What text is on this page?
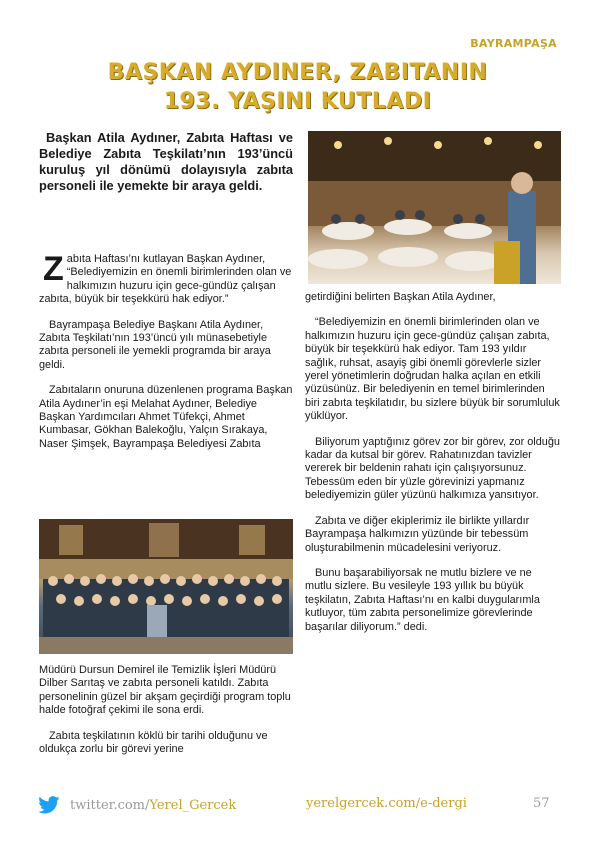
BAYRAMPAŞA
BAŞKAN AYDINER, ZABITANIN
193. YAŞINI KUTLADI
Başkan Atila Aydıner, Zabıta Haftası ve Belediye Zabıta Teşkilatı’nın 193’üncü kuruluş yıl dönümü dolayısıyla zabıta personeli ile yemekte bir araya geldi.

Zabıta Haftası’nı kutlayan Başkan Aydıner, “Belediyemizin en önemli birimlerinden olan ve halkımızın huzuru için gece-gündüz çalışan zabıta, büyük bir teşekkürü hak ediyor.”

Bayrampaşa Belediye Başkanı Atila Aydıner, Zabıta Teşkilatı’nın 193’üncü yılı münasebetiyle zabıta personeli ile yemekli programda bir araya geldi.

Zabıtaların onuruna düzenlenen programa Başkan Atila Aydıner’in eşi Melahat Aydıner, Belediye Başkan Yardımcıları Ahmet Tüfekçi, Ahmet Kumbasar, Gökhan Balekoğlu, Yalçın Sırakaya, Naser Şimşek, Bayrampaşa Belediyesi Zabıta

Müdürü Dursun Demirel ile Temizlik İşleri Müdürü Dilber Sarıtaş ve zabıta personeli katıldı. Zabıta personelinin güzel bir akşam geçirdiği program toplu halde fotoğraf çekimi ile sona erdi.

Zabıta teşkilatının köklü bir tarihi olduğunu ve oldukça zorlu bir görevi yerine

getirdiğini belirten Başkan Atila Aydıner,

“Belediyemizin en önemli birimlerinden olan ve halkımızın huzuru için gece-gündüz çalışan zabıta, büyük bir teşekkürü hak ediyor. Tam 193 yıldır sağlık, ruhsat, asayiş gibi önemli görevlerle sizler yerel yönetimlerin doğrudan halka açılan en etkili yüzüsünüz. Bir belediyenin en temel birimlerinden biri zabıta teşkilatıdır, bu sizlere büyük bir sorumluluk yüklüyor.

Biliyorum yaptığınız görev zor bir görev, zor olduğu kadar da kutsal bir görev. Rahatınızdan tavizler vererek bir beldenin rahatı için çalışıyorsunuz. Tebessüm eden bir yüzle görevinizi yapmanız belediyemizin güler yüzünü halkımıza yansıtıyor.

Zabıta ve diğer ekiplerimiz ile birlikte yıllardır Bayrampaşa halkımızın yüzünde bir tebessüm oluşturabilmenin mücadelesini veriyoruz.

Bunu başarabiliyorsak ne mutlu bizlere ve ne mutlu sizlere. Bu vesileyle 193 yıllık bu büyük teşkilatın, Zabıta Haftası’nı en kalbi duygularımla kutluyor, tüm zabıta personelimize görevlerinde başarılar diliyorum.” dedi.

twitter.com/Yerel_Gercek	yerelgercek.com/e-dergi	57
